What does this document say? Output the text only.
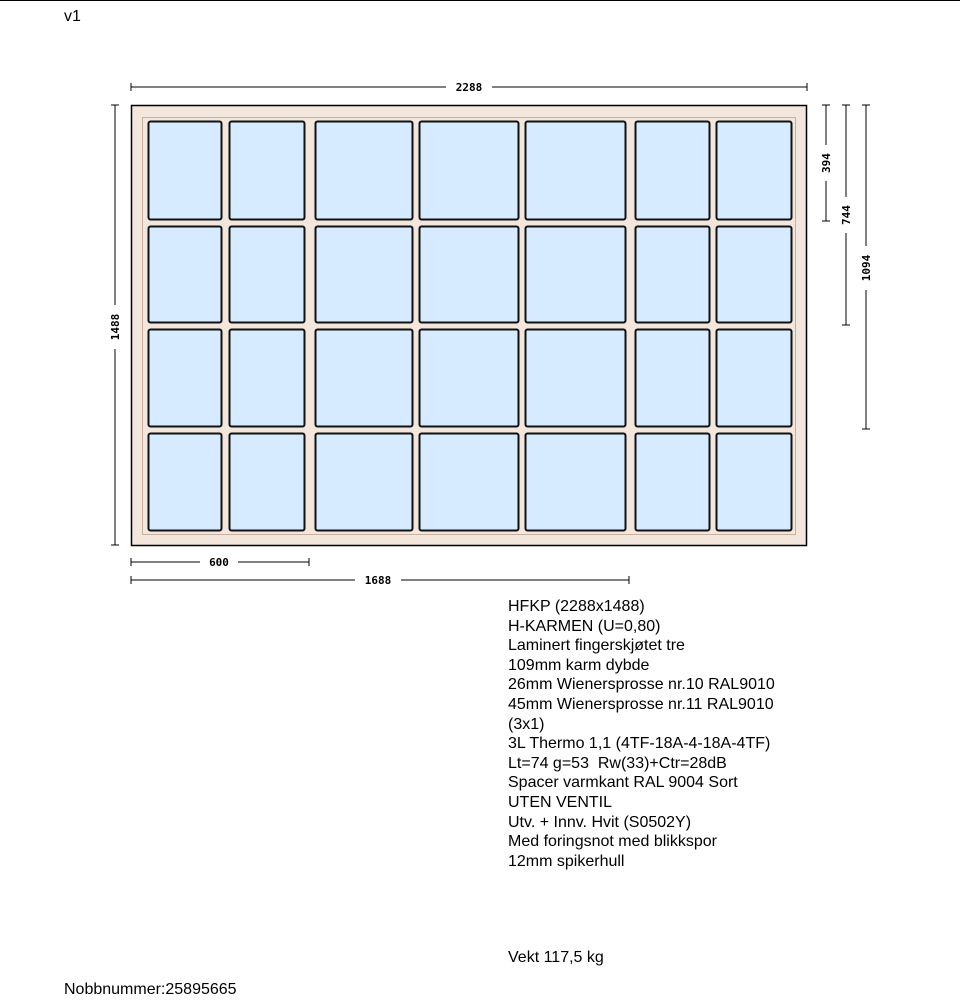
v1
2288
600
1688
1488
394
744
1094
HFKP (2288x1488)
H-KARMEN (U=0,80)
Laminert fingerskjøtet tre
109mm karm dybde
26mm Wienersprosse nr.10 RAL9010
45mm Wienersprosse nr.11 RAL9010
(3x1)
3L Thermo 1,1 (4TF-18A-4-18A-4TF)
Lt=74 g=53  Rw(33)+Ctr=28dB
Spacer varmkant RAL 9004 Sort
UTEN VENTIL
Utv. + Innv. Hvit (S0502Y)
Med foringsnot med blikkspor
12mm spikerhull
Vekt 117,5 kg
Nobbnummer:25895665
